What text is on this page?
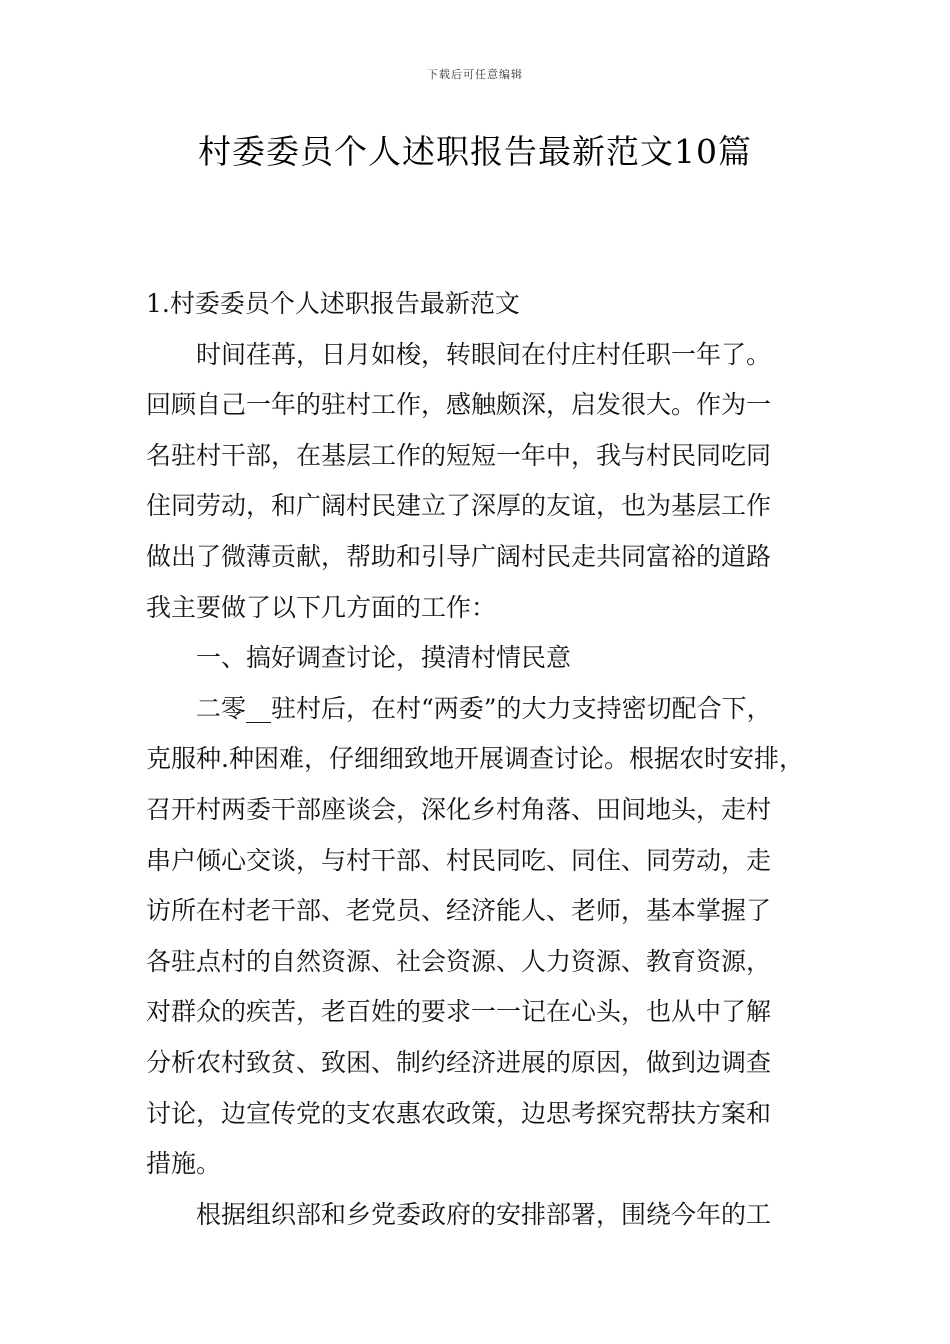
下载后可任意编辑
村委委员个人述职报告最新范文10篇

1.村委委员个人述职报告最新范文

时间荏苒，日月如梭，转眼间在付庄村任职一年了。

回顾自己一年的驻村工作，感触颇深，启发很大。作为一

名驻村干部，在基层工作的短短一年中，我与村民同吃同

住同劳动，和广阔村民建立了深厚的友谊，也为基层工作

做出了微薄贡献，帮助和引导广阔村民走共同富裕的道路

我主要做了以下几方面的工作：

一、搞好调查讨论，摸清村情民意

二零__驻村后，在村“两委”的大力支持密切配合下，

克服种.种困难，仔细细致地开展调查讨论。根据农时安排，

召开村两委干部座谈会，深化乡村角落、田间地头，走村

串户倾心交谈，与村干部、村民同吃、同住、同劳动，走

访所在村老干部、老党员、经济能人、老师，基本掌握了

各驻点村的自然资源、社会资源、人力资源、教育资源，

对群众的疾苦，老百姓的要求一一记在心头，也从中了解

分析农村致贫、致困、制约经济进展的原因，做到边调查

讨论，边宣传党的支农惠农政策，边思考探究帮扶方案和

措施。

根据组织部和乡党委政府的安排部署，围绕今年的工
